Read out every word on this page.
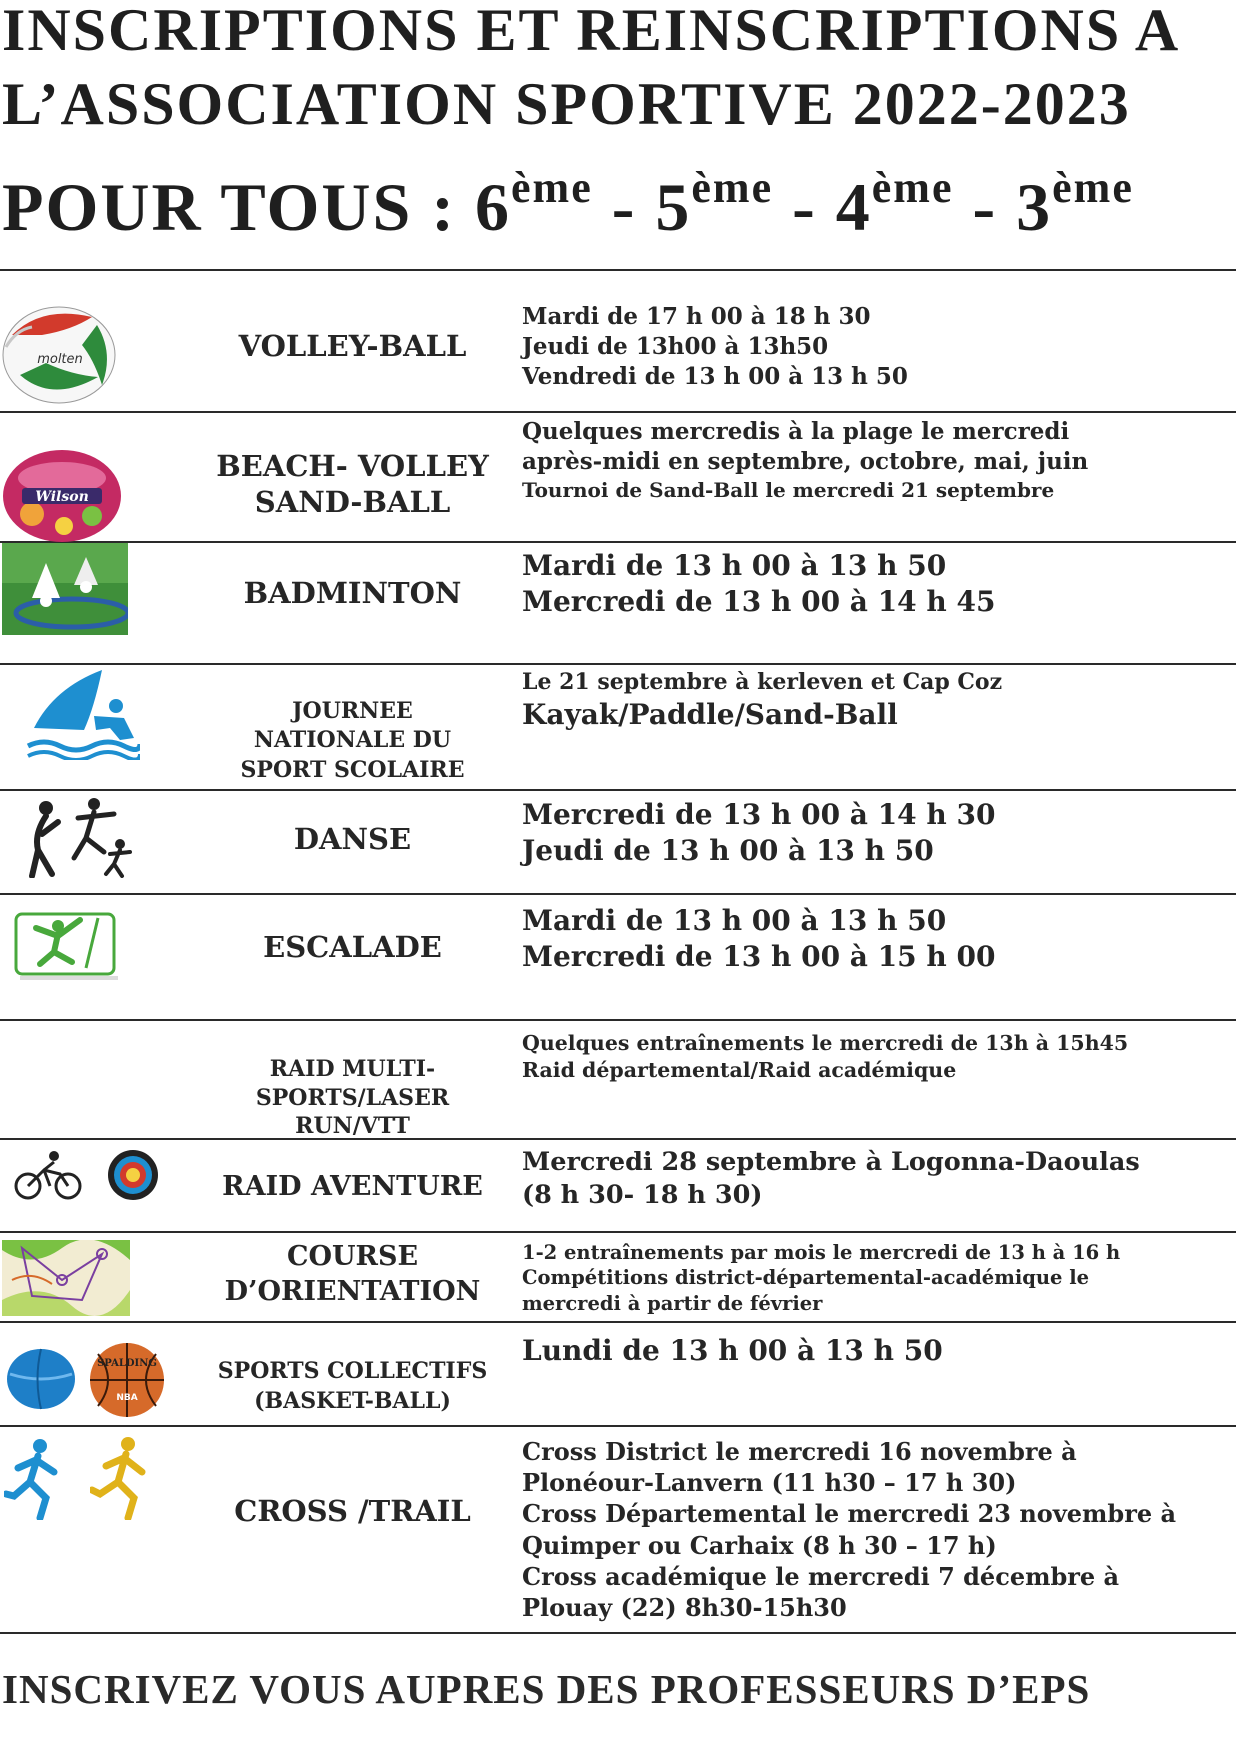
INSCRIPTIONS ET REINSCRIPTIONS A
L’ASSOCIATION SPORTIVE 2022-2023
POUR TOUS : 6ème - 5ème - 4ème - 3ème
molten	VOLLEY-BALL
Mardi de 17 h 00 à 18 h 30
Jeudi de 13h00 à 13h50
Vendredi de 13 h 00 à 13 h 50
Wilson
BEACH- VOLLEY
SAND-BALL
Quelques mercredis à la plage le mercredi
après-midi en septembre, octobre, mai, juin
Tournoi de Sand-Ball le mercredi 21 septembre
BADMINTON
Mardi de 13 h 00 à 13 h 50
Mercredi de 13 h 00 à 14 h 45
JOURNEE
NATIONALE DU
SPORT SCOLAIRE
Le 21 septembre à kerleven et Cap Coz
Kayak/Paddle/Sand-Ball
DANSE
Mercredi de 13 h 00 à 14 h 30
Jeudi de 13 h 00 à 13 h 50
ESCALADE
Mardi de 13 h 00 à 13 h 50
Mercredi de 13 h 00 à 15 h 00
RAID MULTI-
SPORTS/LASER
RUN/VTT
Quelques entraînements le mercredi de 13h à 15h45
Raid départemental/Raid académique
RAID AVENTURE
Mercredi 28 septembre à Logonna-Daoulas
(8 h 30- 18 h 30)
COURSE
D’ORIENTATION
1-2 entraînements par mois le mercredi de 13 h à 16 h
Compétitions district-départemental-académique le
mercredi à partir de février
SPALDING
NBA
SPORTS COLLECTIFS
(BASKET-BALL)
Lundi de 13 h 00 à 13 h 50
CROSS /TRAIL
Cross District le mercredi 16 novembre à
Plonéour-Lanvern (11 h30 – 17 h 30)
Cross Départemental le mercredi 23 novembre à
Quimper ou Carhaix (8 h 30 – 17 h)
Cross académique le mercredi 7 décembre à
Plouay (22) 8h30-15h30
INSCRIVEZ VOUS AUPRES DES PROFESSEURS D’EPS
